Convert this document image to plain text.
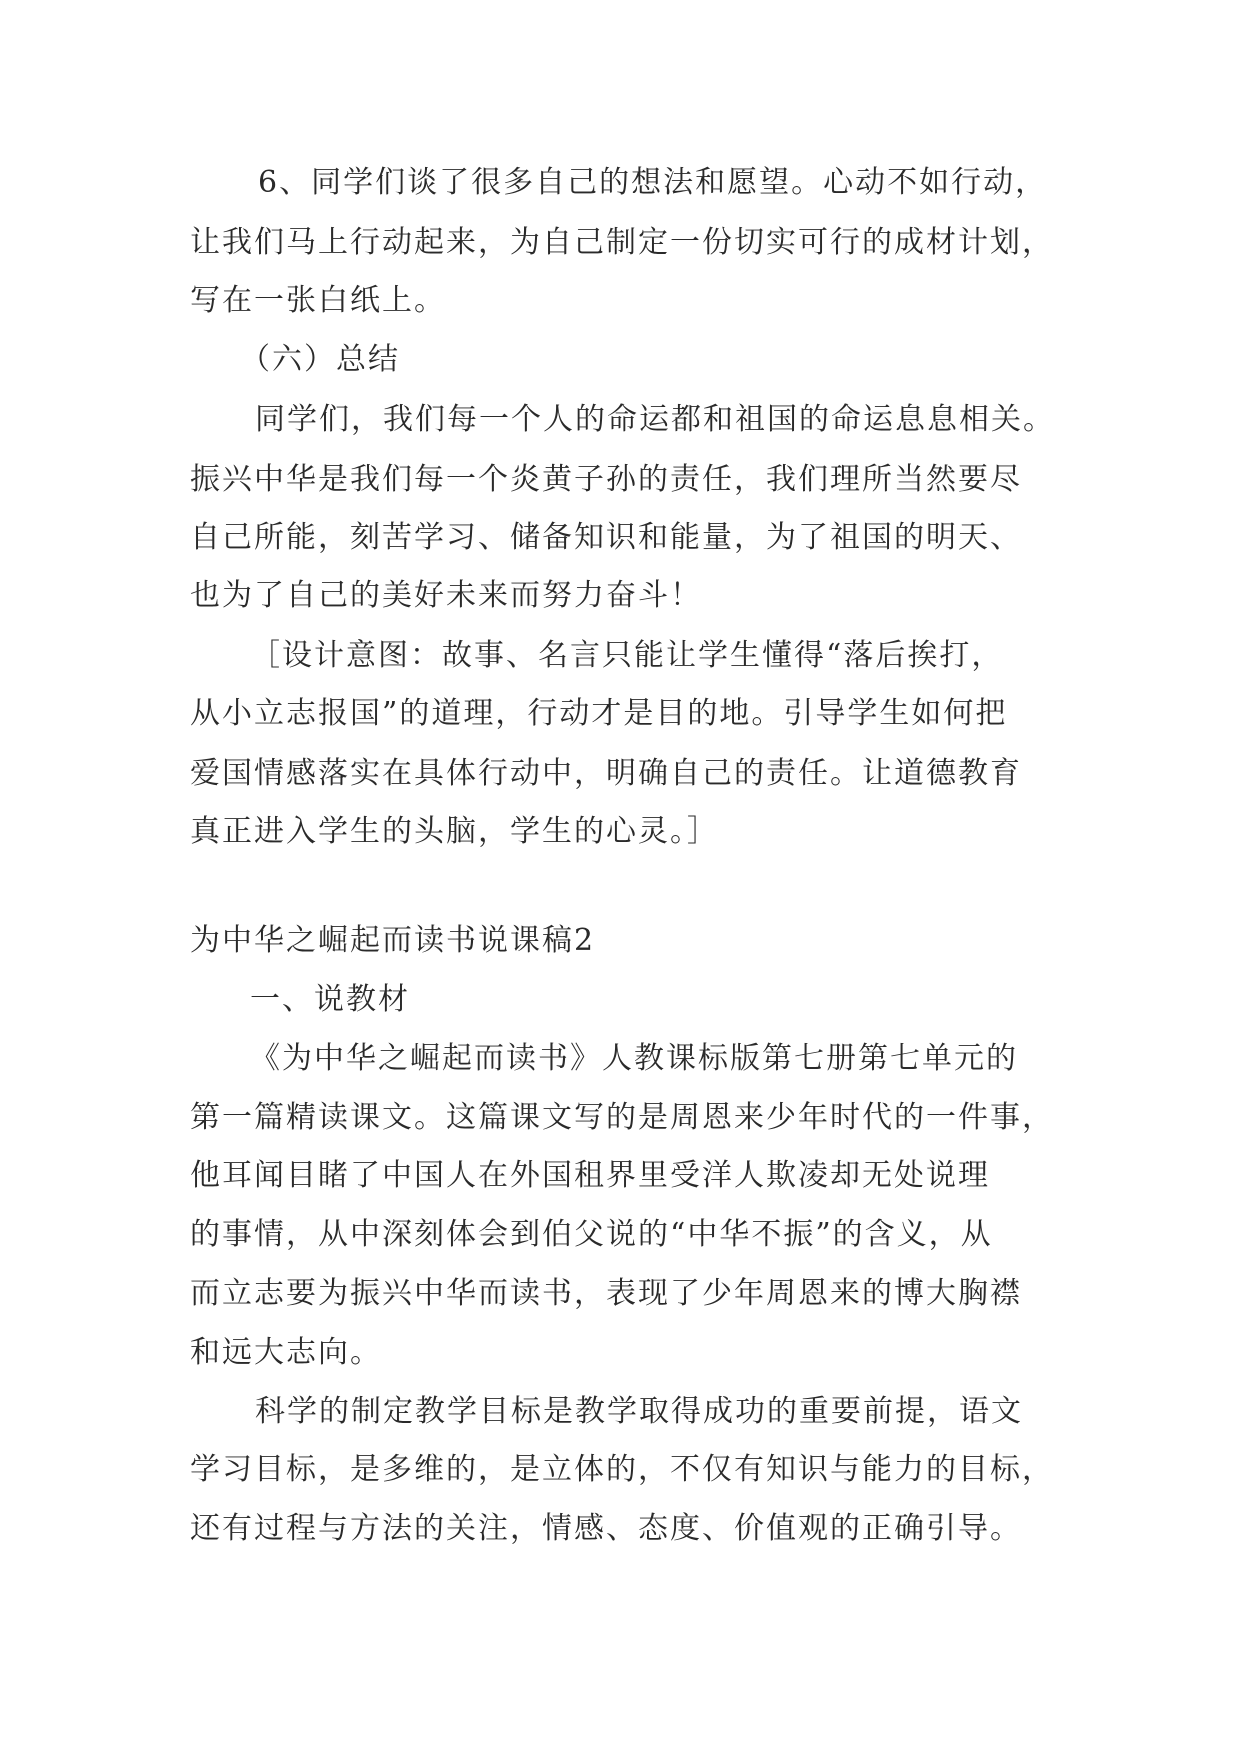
6、同学们谈了很多自己的想法和愿望。心动不如行动，
让我们马上行动起来，为自己制定一份切实可行的成材计划，
写在一张白纸上。
（六）总结
同学们，我们每一个人的命运都和祖国的命运息息相关。
振兴中华是我们每一个炎黄子孙的责任，我们理所当然要尽
自己所能，刻苦学习、储备知识和能量，为了祖国的明天、
也为了自己的美好未来而努力奋斗！
［设计意图：故事、名言只能让学生懂得“落后挨打，
从小立志报国”的道理，行动才是目的地。引导学生如何把
爱国情感落实在具体行动中，明确自己的责任。让道德教育
真正进入学生的头脑，学生的心灵。］
为中华之崛起而读书说课稿2
一、说教材
《为中华之崛起而读书》人教课标版第七册第七单元的
第一篇精读课文。这篇课文写的是周恩来少年时代的一件事，
他耳闻目睹了中国人在外国租界里受洋人欺凌却无处说理
的事情，从中深刻体会到伯父说的“中华不振”的含义，从
而立志要为振兴中华而读书，表现了少年周恩来的博大胸襟
和远大志向。
科学的制定教学目标是教学取得成功的重要前提，语文
学习目标，是多维的，是立体的，不仅有知识与能力的目标，
还有过程与方法的关注，情感、态度、价值观的正确引导。
